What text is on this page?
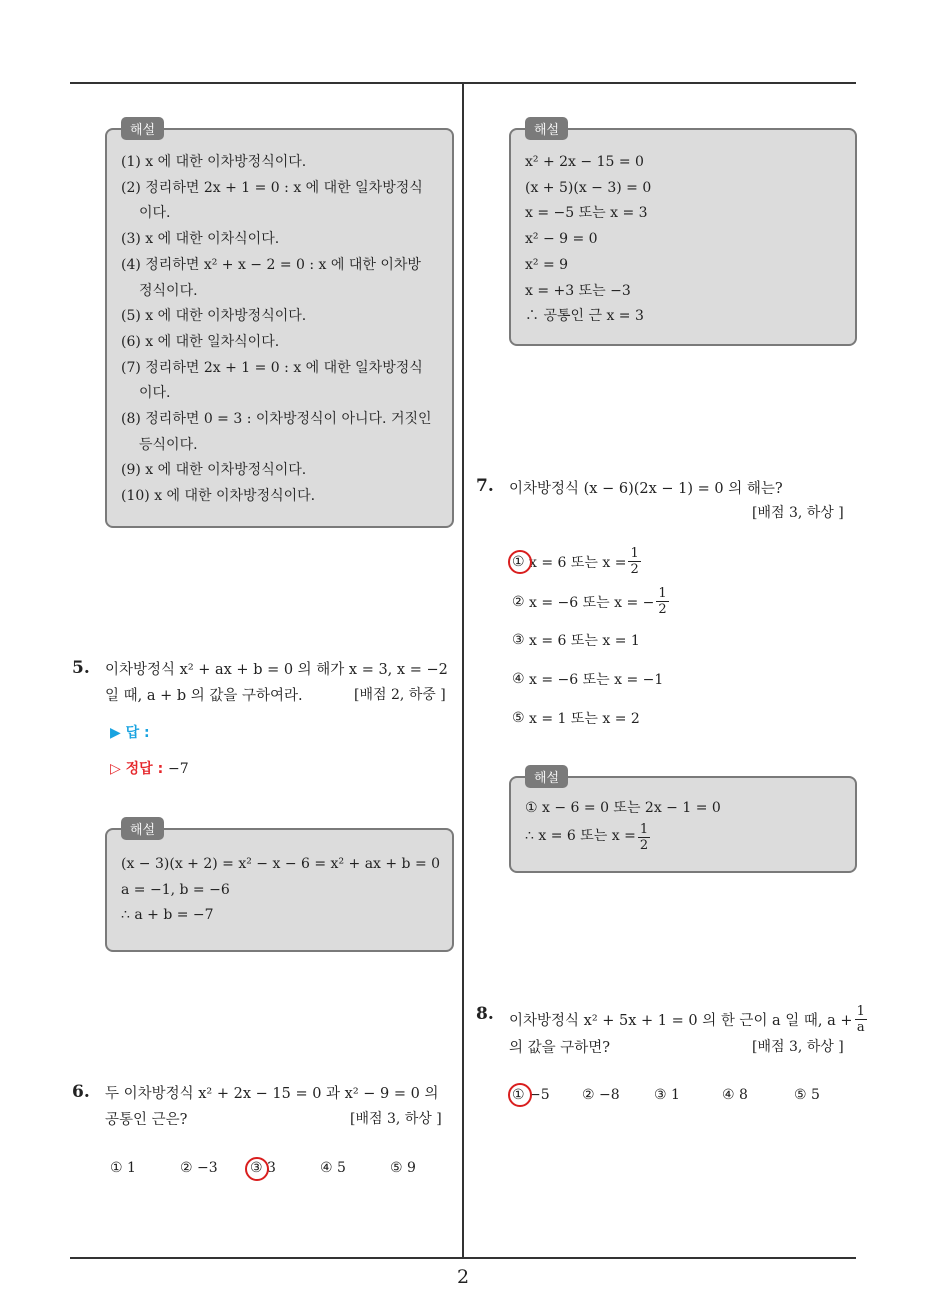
해설
(1) x 에 대한 이차방정식이다.
(2) 정리하면 2x + 1 = 0 : x 에 대한 일차방정식
이다.
(3) x 에 대한 이차식이다.
(4) 정리하면 x² + x − 2 = 0 : x 에 대한 이차방
정식이다.
(5) x 에 대한 이차방정식이다.
(6) x 에 대한 일차식이다.
(7) 정리하면 2x + 1 = 0 : x 에 대한 일차방정식
이다.
(8) 정리하면 0 = 3 : 이차방정식이 아니다. 거짓인
등식이다.
(9) x 에 대한 이차방정식이다.
(10) x 에 대한 이차방정식이다.
해설
x² + 2x − 15 = 0
(x + 5)(x − 3) = 0
x = −5 또는 x = 3
x² − 9 = 0
x² = 9
x = +3 또는 −3
∴ 공통인 근 x = 3
5. 이차방정식 x² + ax + b = 0 의 해가 x = 3, x = −2
일 때, a + b 의 값을 구하여라.	[배점 2, 하중 ]
▶ 답 :
▷ 정답 : −7
해설
(x − 3)(x + 2) = x² − x − 6 = x² + ax + b = 0
a = −1, b = −6
∴ a + b = −7
6. 두 이차방정식 x² + 2x − 15 = 0 과 x² − 9 = 0 의
공통인 근은?	[배점 3, 하상 ]
① 1	② −3 ③ 3	④ 5	⑤ 9
7. 이차방정식 (x − 6)(2x − 1) = 0 의 해는?
[배점 3, 하상 ]
①
x = 6 또는 $x = \frac{1}{2}$
②
x = −6 또는 x = − $\frac{1}{2}$
③
x = 6 또는 x = 1
④
x = −6 또는 x = −1
⑤
x = 1 또는 x = 2
해설
① x − 6 = 0 또는 2x − 1 = 0
∴ x = 6 또는 $x = \frac{1}{2}$
8. 이차방정식 x² + 5x + 1 = 0 의 한 근이 a 일 때, $a + \frac{1}{a}$
의 값을 구하면?	[배점 3, 하상 ]
① −5 ② −8 ③ 1	④ 8	⑤ 5
2
